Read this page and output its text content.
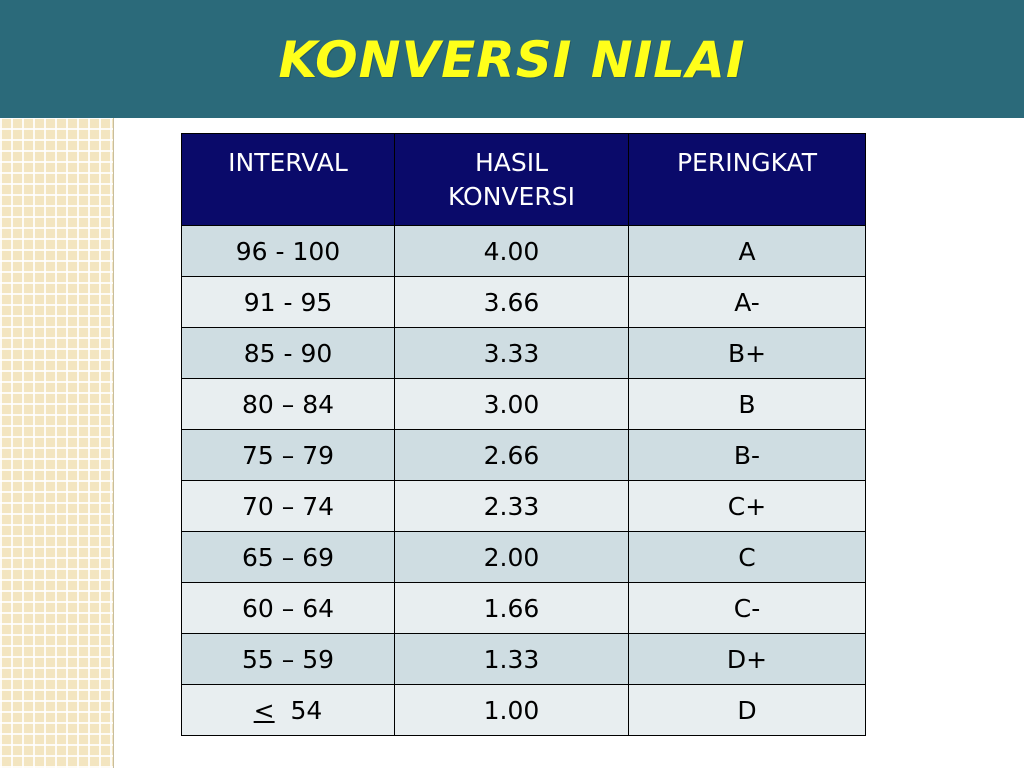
KONVERSI NILAI
INTERVAL	HASIL KONVERSI	PERINGKAT
96 - 100	4.00	A
91 - 95	3.66	A-
85 - 90	3.33	B+
80 – 84	3.00	B
75 – 79	2.66	B-
70 – 74	2.33	C+
65 – 69	2.00	C
60 – 64	1.66	C-
55 – 59	1.33	D+
≤ 54	1.00	D
